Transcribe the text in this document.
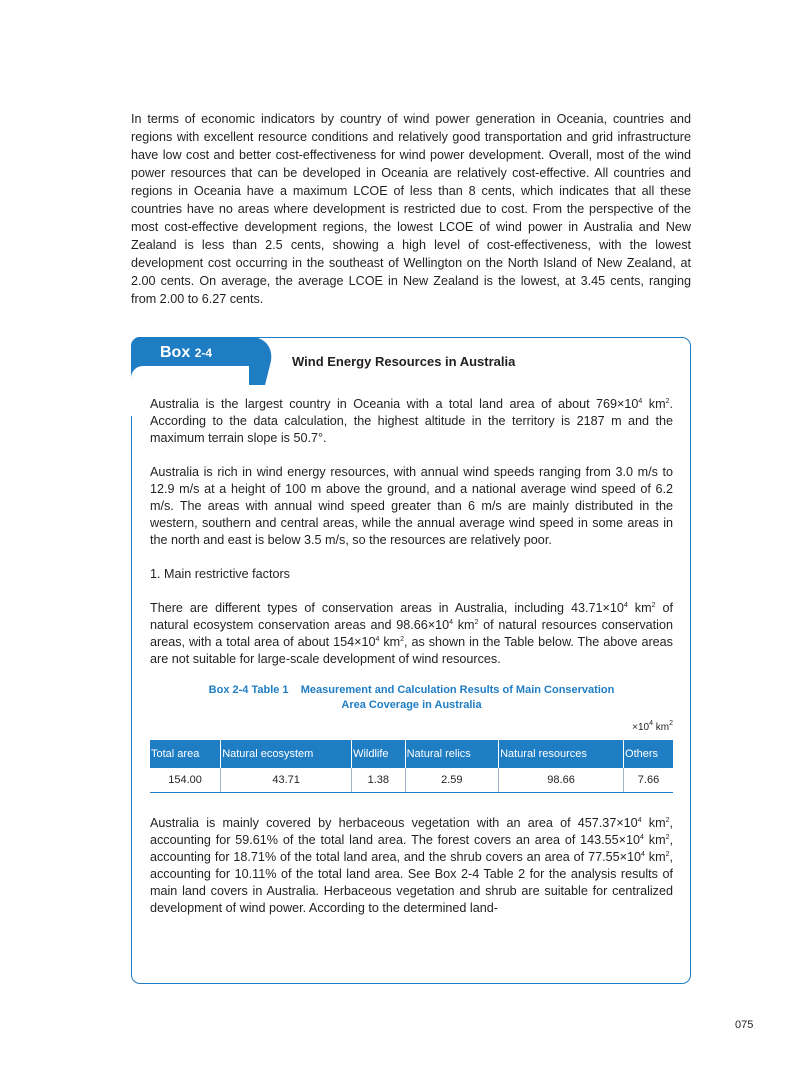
In terms of economic indicators by country of wind power generation in Oceania, countries and regions with excellent resource conditions and relatively good transportation and grid infrastructure have low cost and better cost-effectiveness for wind power development. Overall, most of the wind power resources that can be developed in Oceania are relatively cost-effective. All countries and regions in Oceania have a maximum LCOE of less than 8 cents, which indicates that all these countries have no areas where development is restricted due to cost. From the perspective of the most cost-effective development regions, the lowest LCOE of wind power in Australia and New Zealand is less than 2.5 cents, showing a high level of cost-effectiveness, with the lowest development cost occurring in the southeast of Wellington on the North Island of New Zealand, at 2.00 cents. On average, the average LCOE in New Zealand is the lowest, at 3.45 cents, ranging from 2.00 to 6.27 cents.

Box 2-4
Wind Energy Resources in Australia

Australia is the largest country in Oceania with a total land area of about $769\times 10^4$ $km^2$. According to the data calculation, the highest altitude in the territory is 2187 m and the maximum terrain slope is 50.7°.

Australia is rich in wind energy resources, with annual wind speeds ranging from 3.0 m/s to 12.9 m/s at a height of 100 m above the ground, and a national average wind speed of 6.2 m/s. The areas with annual wind speed greater than 6 m/s are mainly distributed in the western, southern and central areas, while the annual average wind speed in some areas in the north and east is below 3.5 m/s, so the resources are relatively poor.

1. Main restrictive factors

There are different types of conservation areas in Australia, including $43.71\times 10^4$ $km^2$ of natural ecosystem conservation areas and $98.66\times 10^4$ $km^2$ of natural resources conservation areas, with a total area of about $154\times 10^4$ $km^2$, as shown in the Table below. The above areas are not suitable for large-scale development of wind resources.

Box 2-4 Table 1    Measurement and Calculation Results of Main Conservation
Area Coverage in Australia
$\times 10^4$ $km^2$
Total area	Natural ecosystem	Wildlife	Natural relics	Natural resources	Others
154.00	43.71	1.38	2.59	98.66	7.66

Australia is mainly covered by herbaceous vegetation with an area of $457.37\times 10^4$ $km^2$, accounting for 59.61% of the total land area. The forest covers an area of $143.55\times 10^4$ $km^2$, accounting for 18.71% of the total land area, and the shrub covers an area of $77.55\times 10^4$ $km^2$, accounting for 10.11% of the total land area. See Box 2-4 Table 2 for the analysis results of main land covers in Australia. Herbaceous vegetation and shrub are suitable for centralized development of wind power. According to the determined land-

075
